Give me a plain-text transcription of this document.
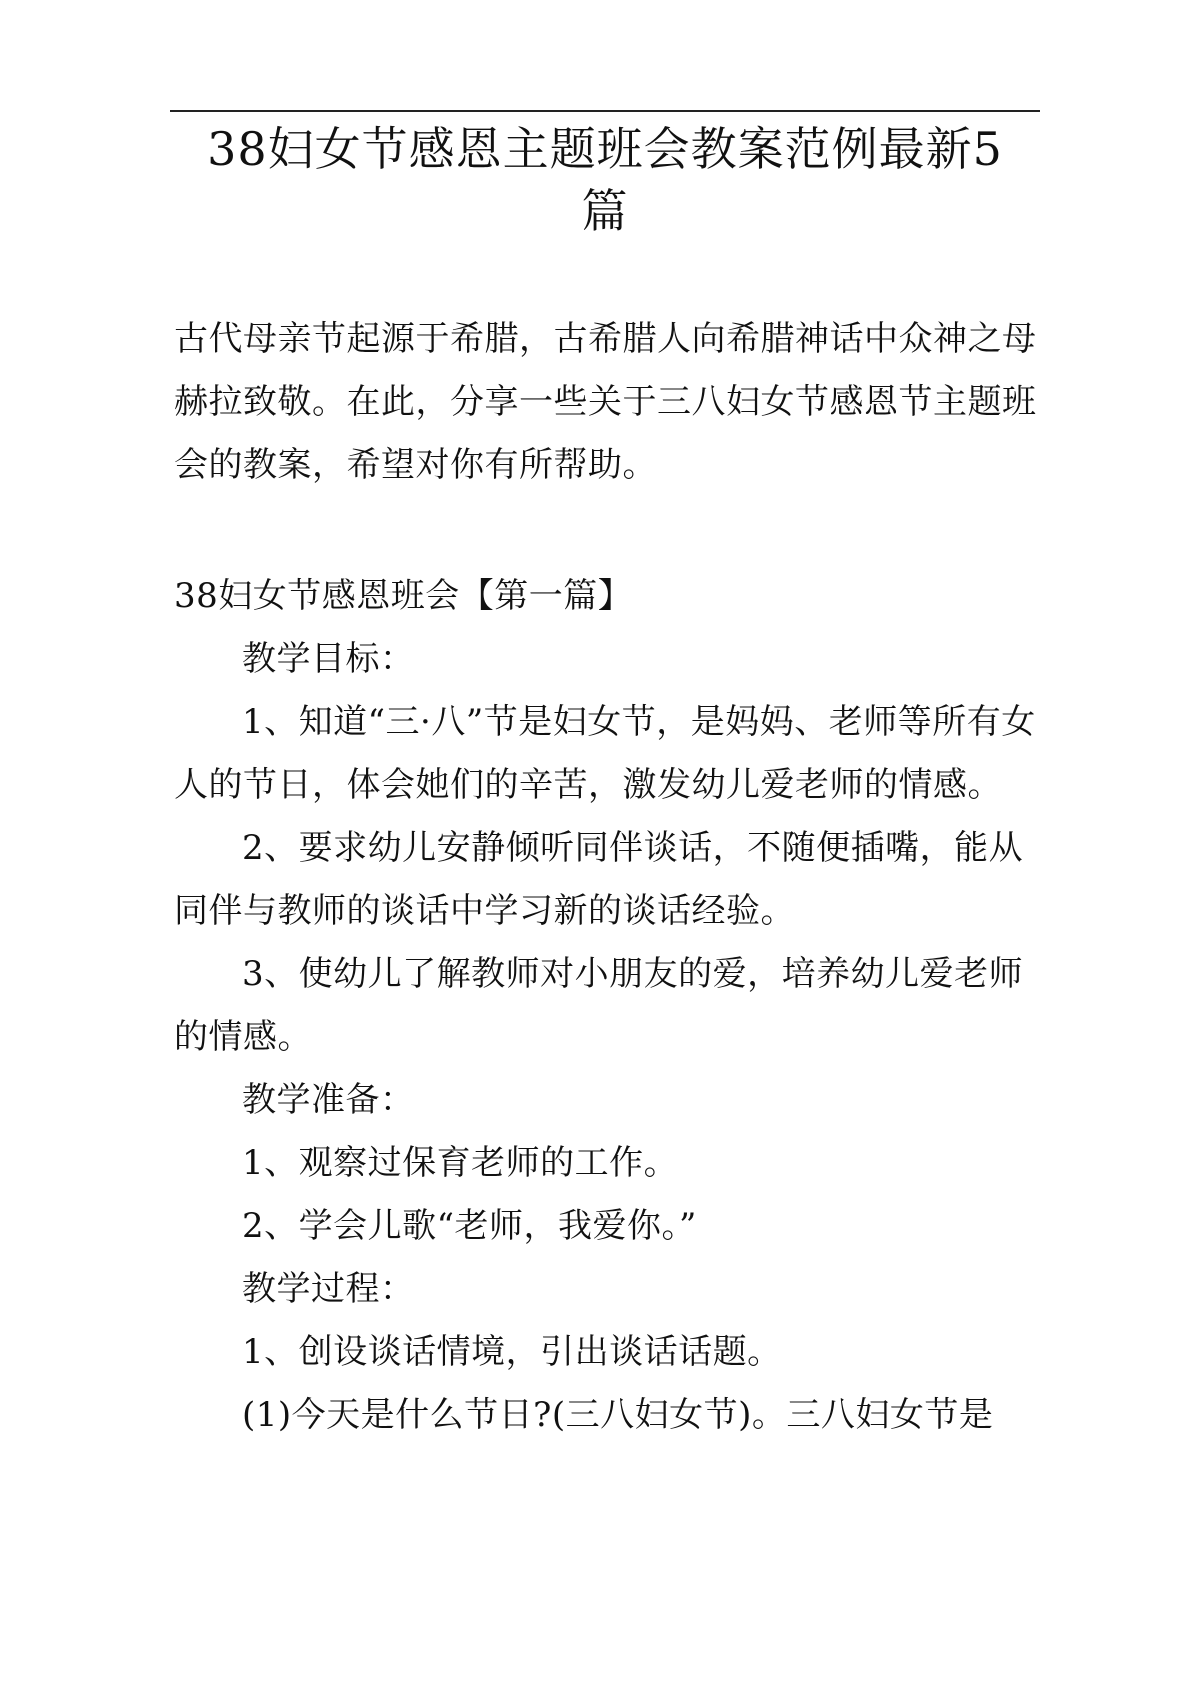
38妇女节感恩主题班会教案范例最新5
篇

古代母亲节起源于希腊，古希腊人向希腊神话中众神之母赫拉致敬。在此，分享一些关于三八妇女节感恩节主题班会的教案，希望对你有所帮助。

38妇女节感恩班会【第一篇】

教学目标：

1、知道“三·八”节是妇女节，是妈妈、老师等所有女人的节日，体会她们的辛苦，激发幼儿爱老师的情感。

2、要求幼儿安静倾听同伴谈话，不随便插嘴，能从同伴与教师的谈话中学习新的谈话经验。

3、使幼儿了解教师对小朋友的爱，培养幼儿爱老师的情感。

教学准备：

1、观察过保育老师的工作。

2、学会儿歌“老师，我爱你。”

教学过程：

1、创设谈话情境，引出谈话话题。

(1)今天是什么节日?(三八妇女节)。三八妇女节是
